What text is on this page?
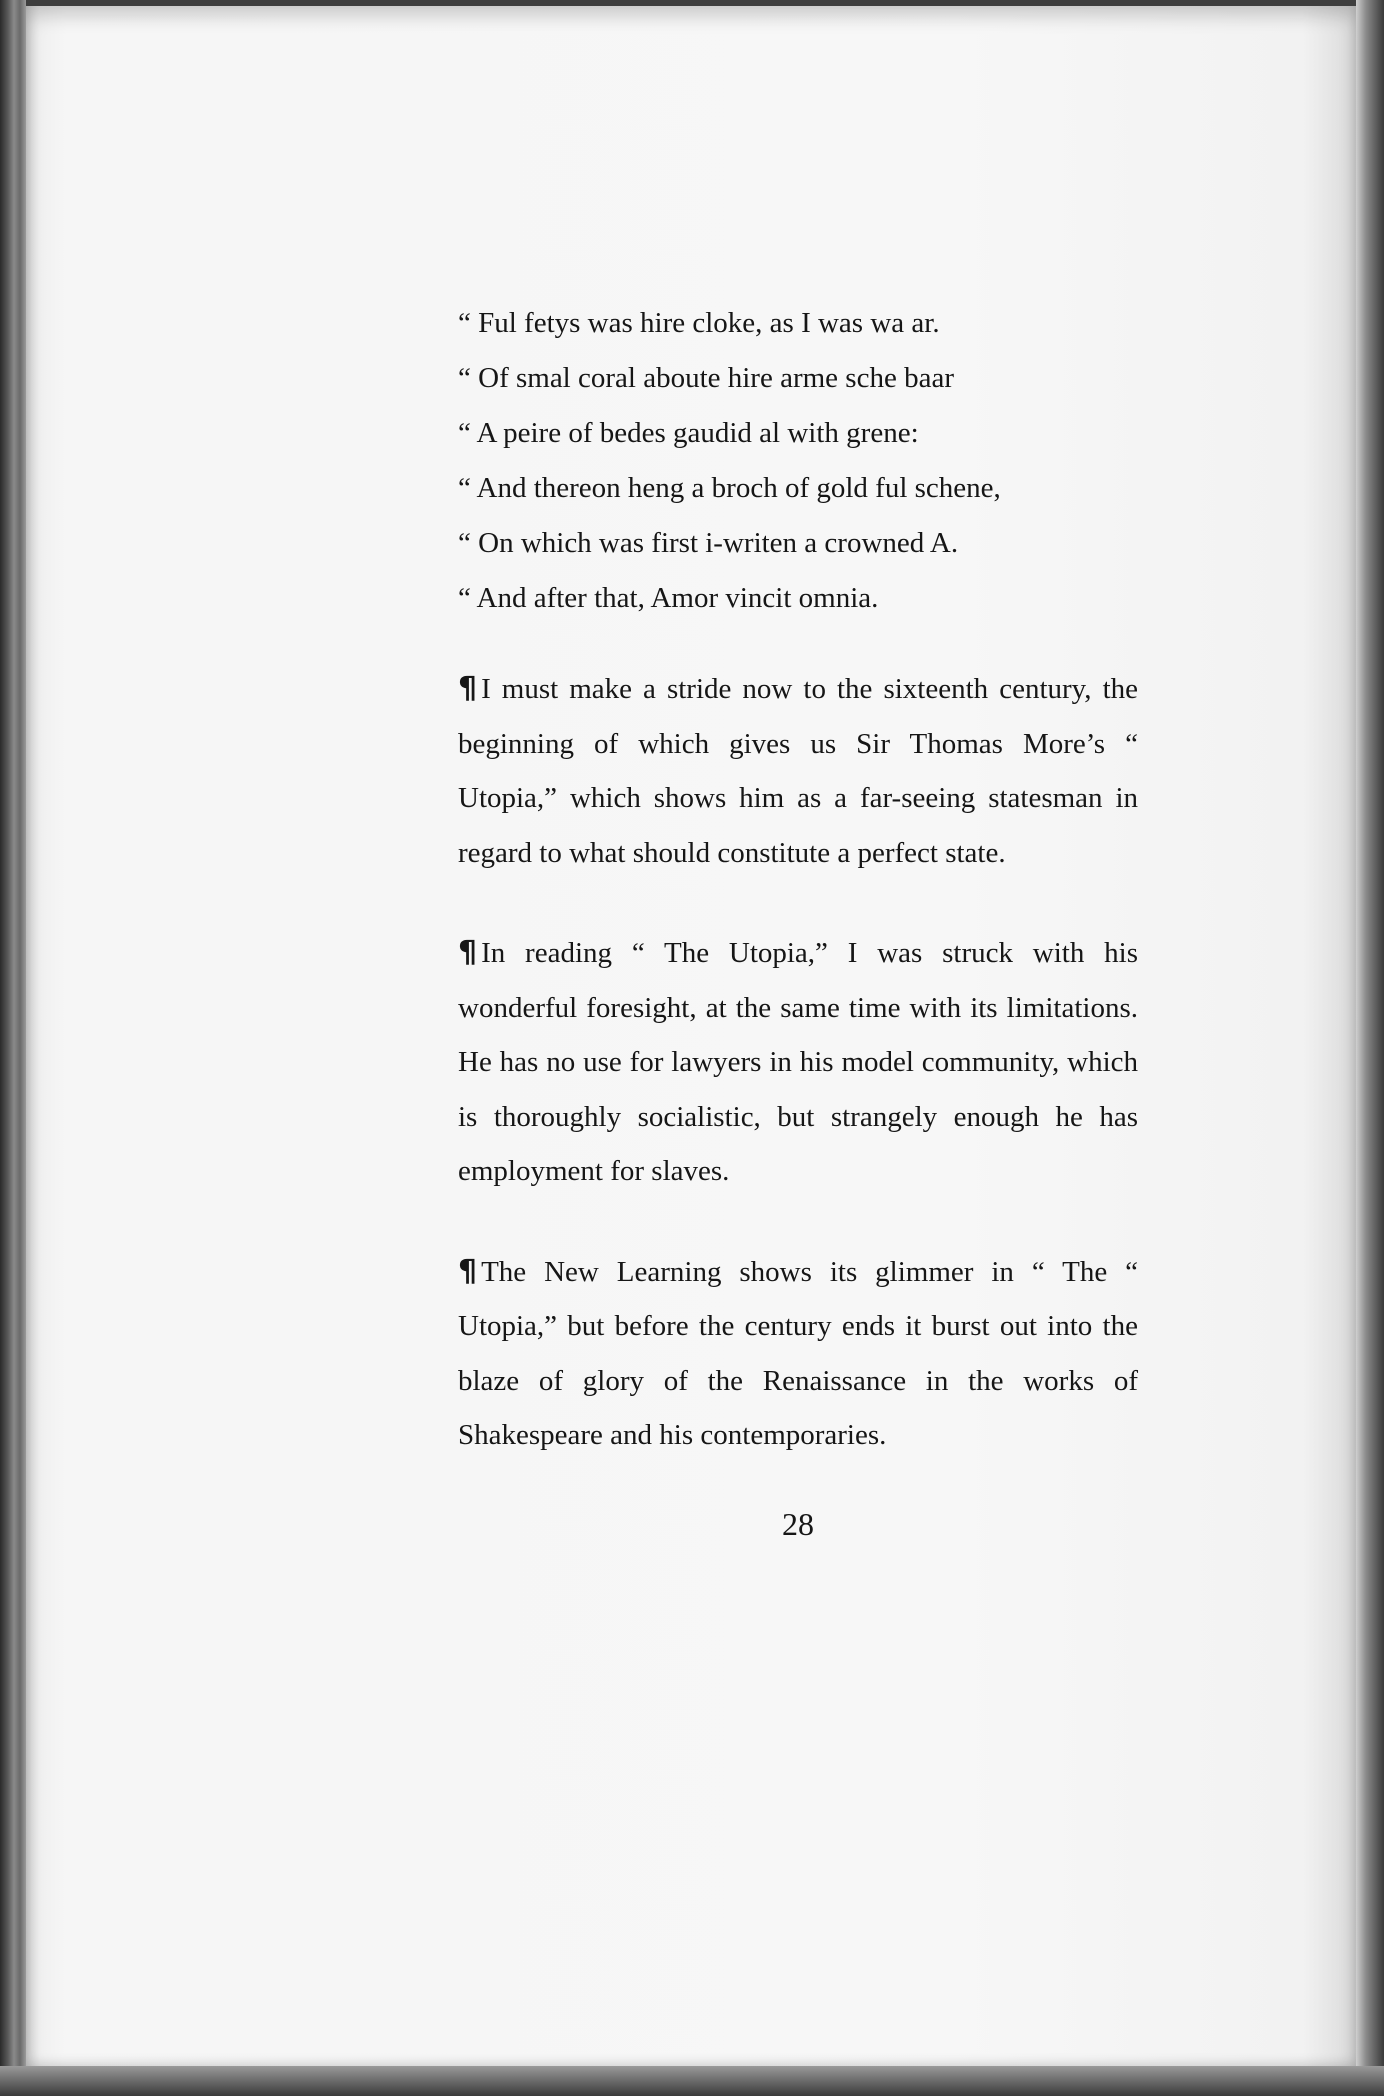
“ Ful fetys was hire cloke, as I was wa ar.
“ Of smal coral aboute hire arme sche baar
“ A peire of bedes gaudid al with grene:
“ And thereon heng a broch of gold ful schene,
“ On which was first i-writen a crowned A.
“ And after that, Amor vincit omnia.

¶ I must make a stride now to the sixteenth century, the beginning of which gives us Sir Thomas More’s “ Utopia,” which shows him as a far-seeing statesman in regard to what should constitute a perfect state.

¶ In reading “ The Utopia,” I was struck with his wonderful foresight, at the same time with its limitations. He has no use for lawyers in his model community, which is thoroughly socialistic, but strangely enough he has employment for slaves.

¶ The New Learning shows its glimmer in “ The “ Utopia,” but before the century ends it burst out into the blaze of glory of the Renaissance in the works of Shakespeare and his contemporaries.

28
